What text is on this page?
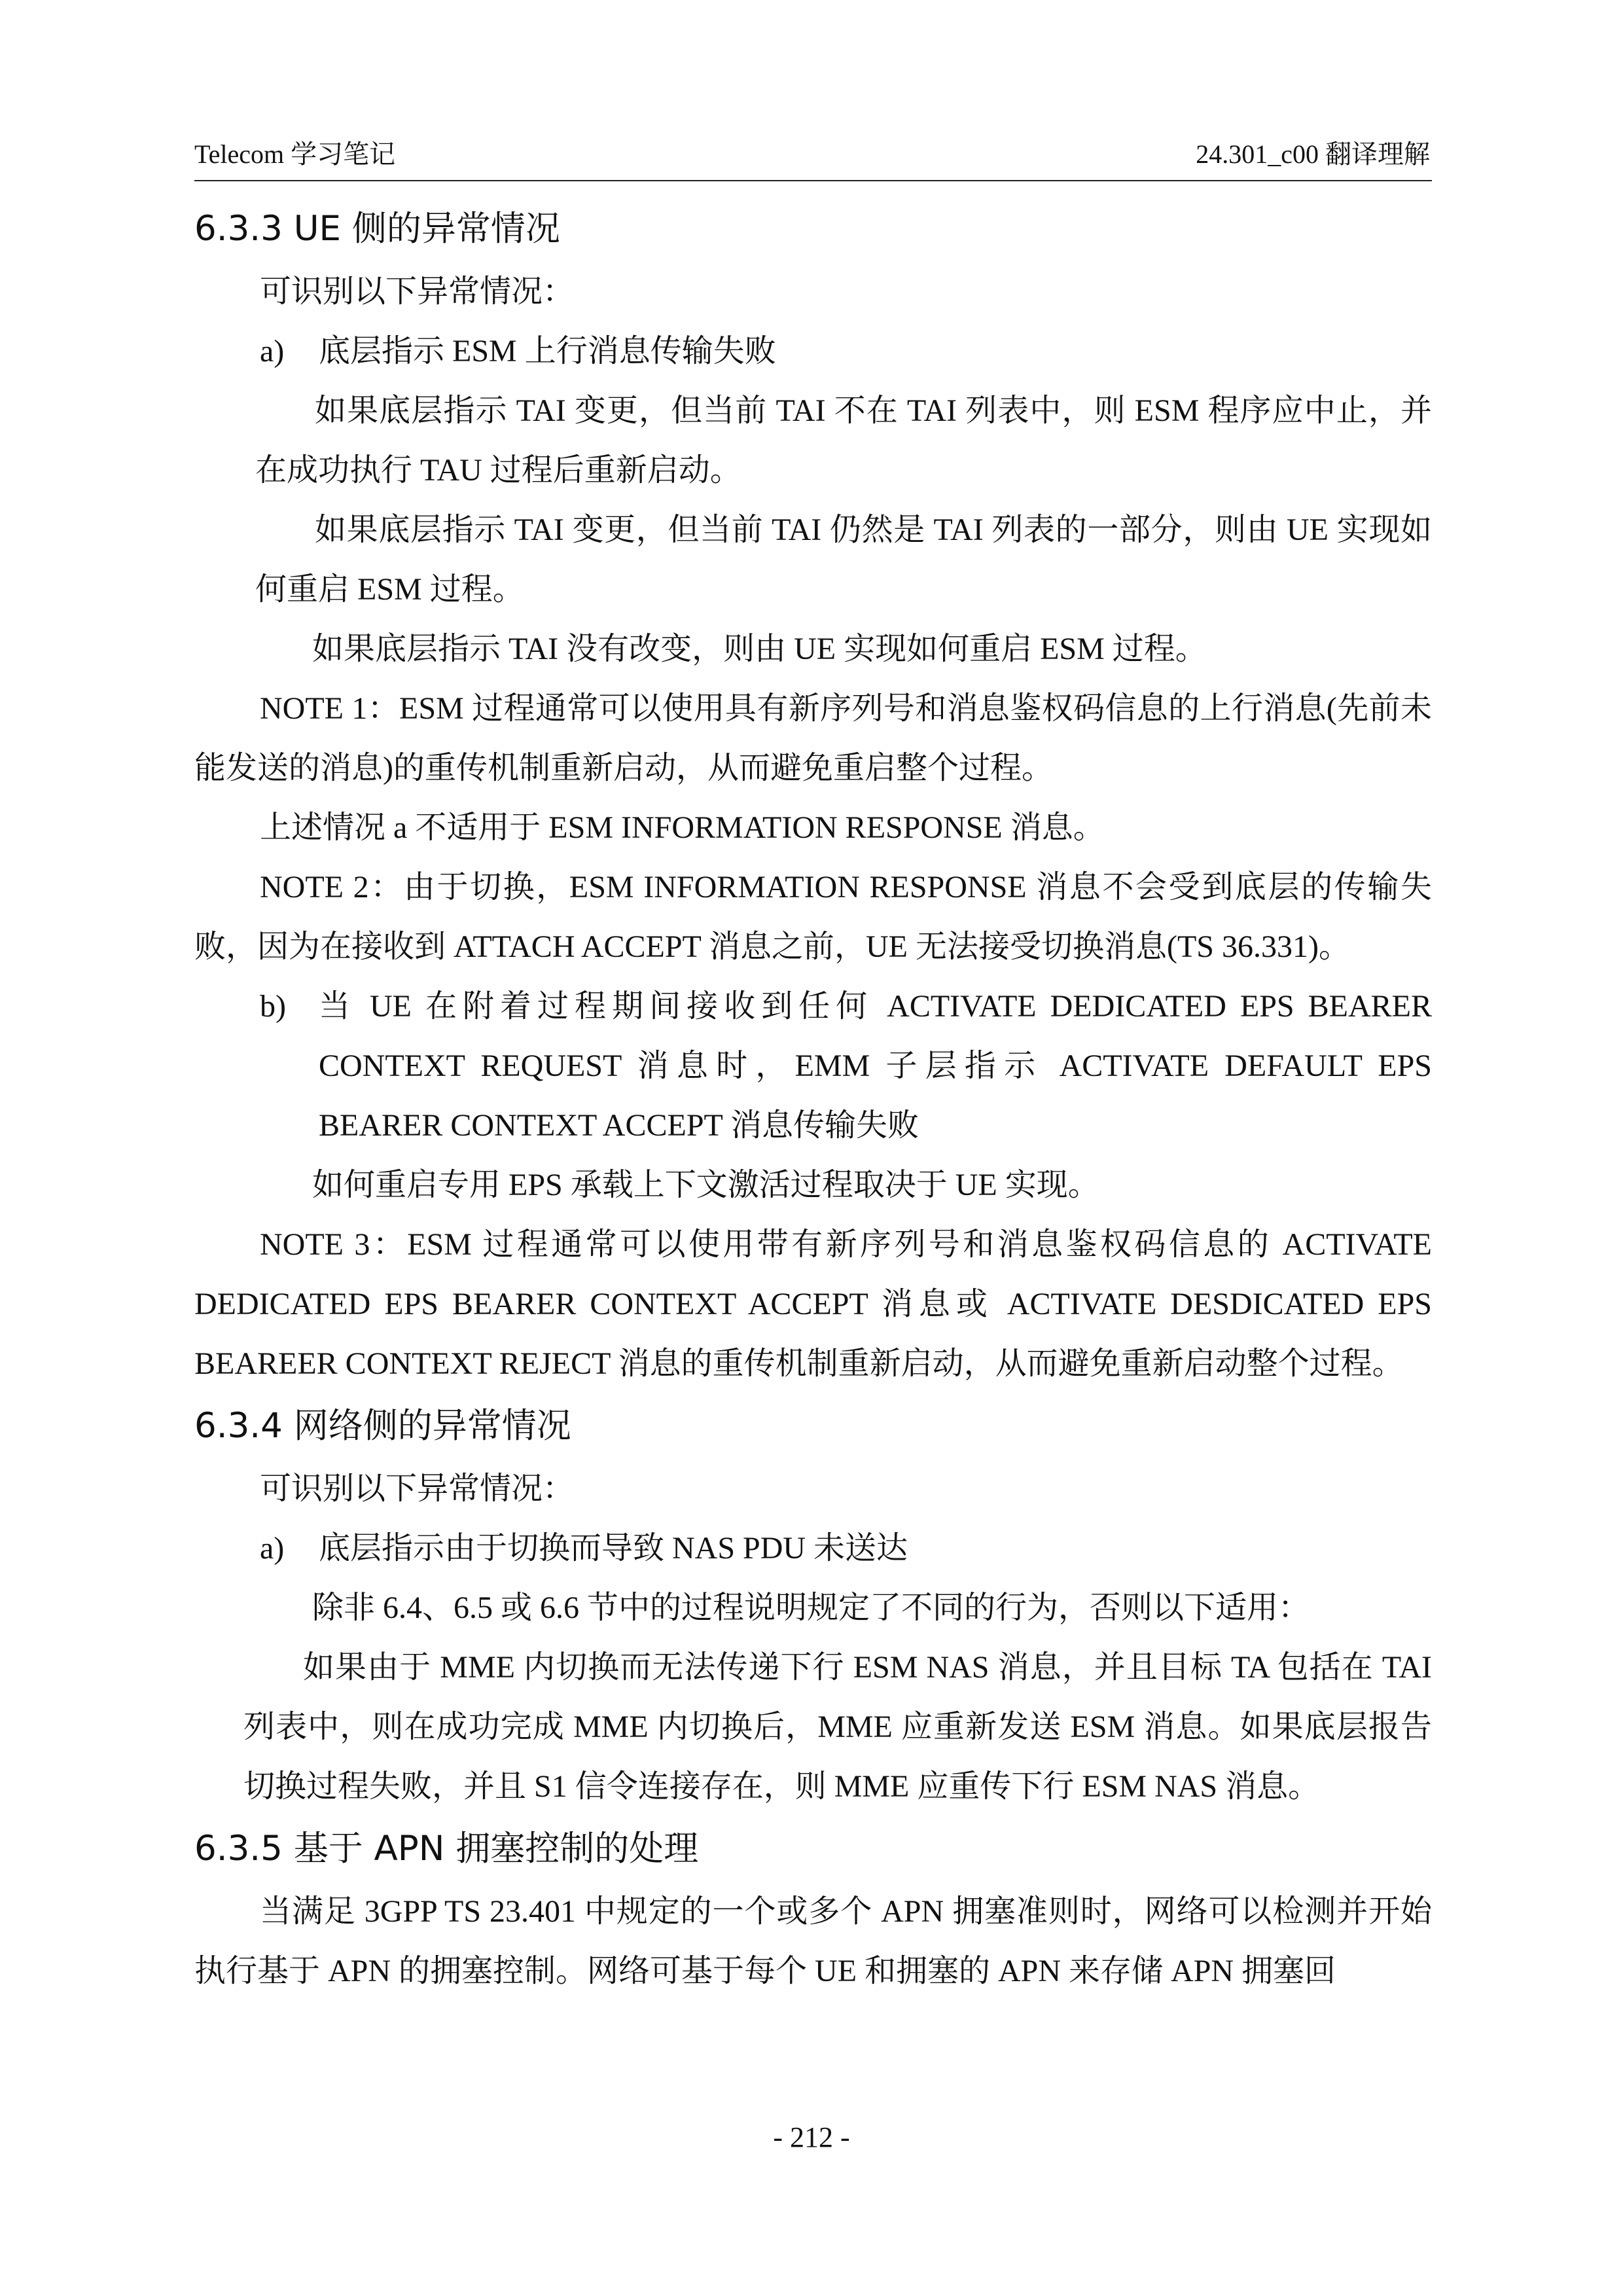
Telecom 学习笔记	24.301_c00 翻译理解
6.3.3 UE 侧的异常情况

可识别以下异常情况：

a) 底层指示 ESM 上行消息传输失败

如果底层指示 TAI 变更，但当前 TAI 不在 TAI 列表中，则 ESM 程序应中止，并在成功执行 TAU 过程后重新启动。

如果底层指示 TAI 变更，但当前 TAI 仍然是 TAI 列表的一部分，则由 UE 实现如何重启 ESM 过程。

如果底层指示 TAI 没有改变，则由 UE 实现如何重启 ESM 过程。

NOTE 1：ESM 过程通常可以使用具有新序列号和消息鉴权码信息的上行消息(先前未能发送的消息)的重传机制重新启动，从而避免重启整个过程。

上述情况 a 不适用于 ESM INFORMATION RESPONSE 消息。

NOTE 2：由于切换，ESM INFORMATION RESPONSE 消息不会受到底层的传输失败，因为在接收到 ATTACH ACCEPT 消息之前，UE 无法接受切换消息(TS 36.331)。

b) 当 UE 在附着过程期间接收到任何 ACTIVATE DEDICATED EPS BEARER CONTEXT REQUEST 消息时，EMM 子层指示 ACTIVATE DEFAULT EPS BEARER CONTEXT ACCEPT 消息传输失败

如何重启专用 EPS 承载上下文激活过程取决于 UE 实现。

NOTE 3：ESM 过程通常可以使用带有新序列号和消息鉴权码信息的 ACTIVATE DEDICATED EPS BEARER CONTEXT ACCEPT 消息或 ACTIVATE DESDICATED EPS BEAREER CONTEXT REJECT 消息的重传机制重新启动，从而避免重新启动整个过程。

6.3.4 网络侧的异常情况

可识别以下异常情况：

a) 底层指示由于切换而导致 NAS PDU 未送达

除非 6.4、6.5 或 6.6 节中的过程说明规定了不同的行为，否则以下适用：

如果由于 MME 内切换而无法传递下行 ESM NAS 消息，并且目标 TA 包括在 TAI 列表中，则在成功完成 MME 内切换后，MME 应重新发送 ESM 消息。如果底层报告切换过程失败，并且 S1 信令连接存在，则 MME 应重传下行 ESM NAS 消息。

6.3.5 基于 APN 拥塞控制的处理

当满足 3GPP TS 23.401 中规定的一个或多个 APN 拥塞准则时，网络可以检测并开始执行基于 APN 的拥塞控制。网络可基于每个 UE 和拥塞的 APN 来存储 APN 拥塞回

- 212 -
